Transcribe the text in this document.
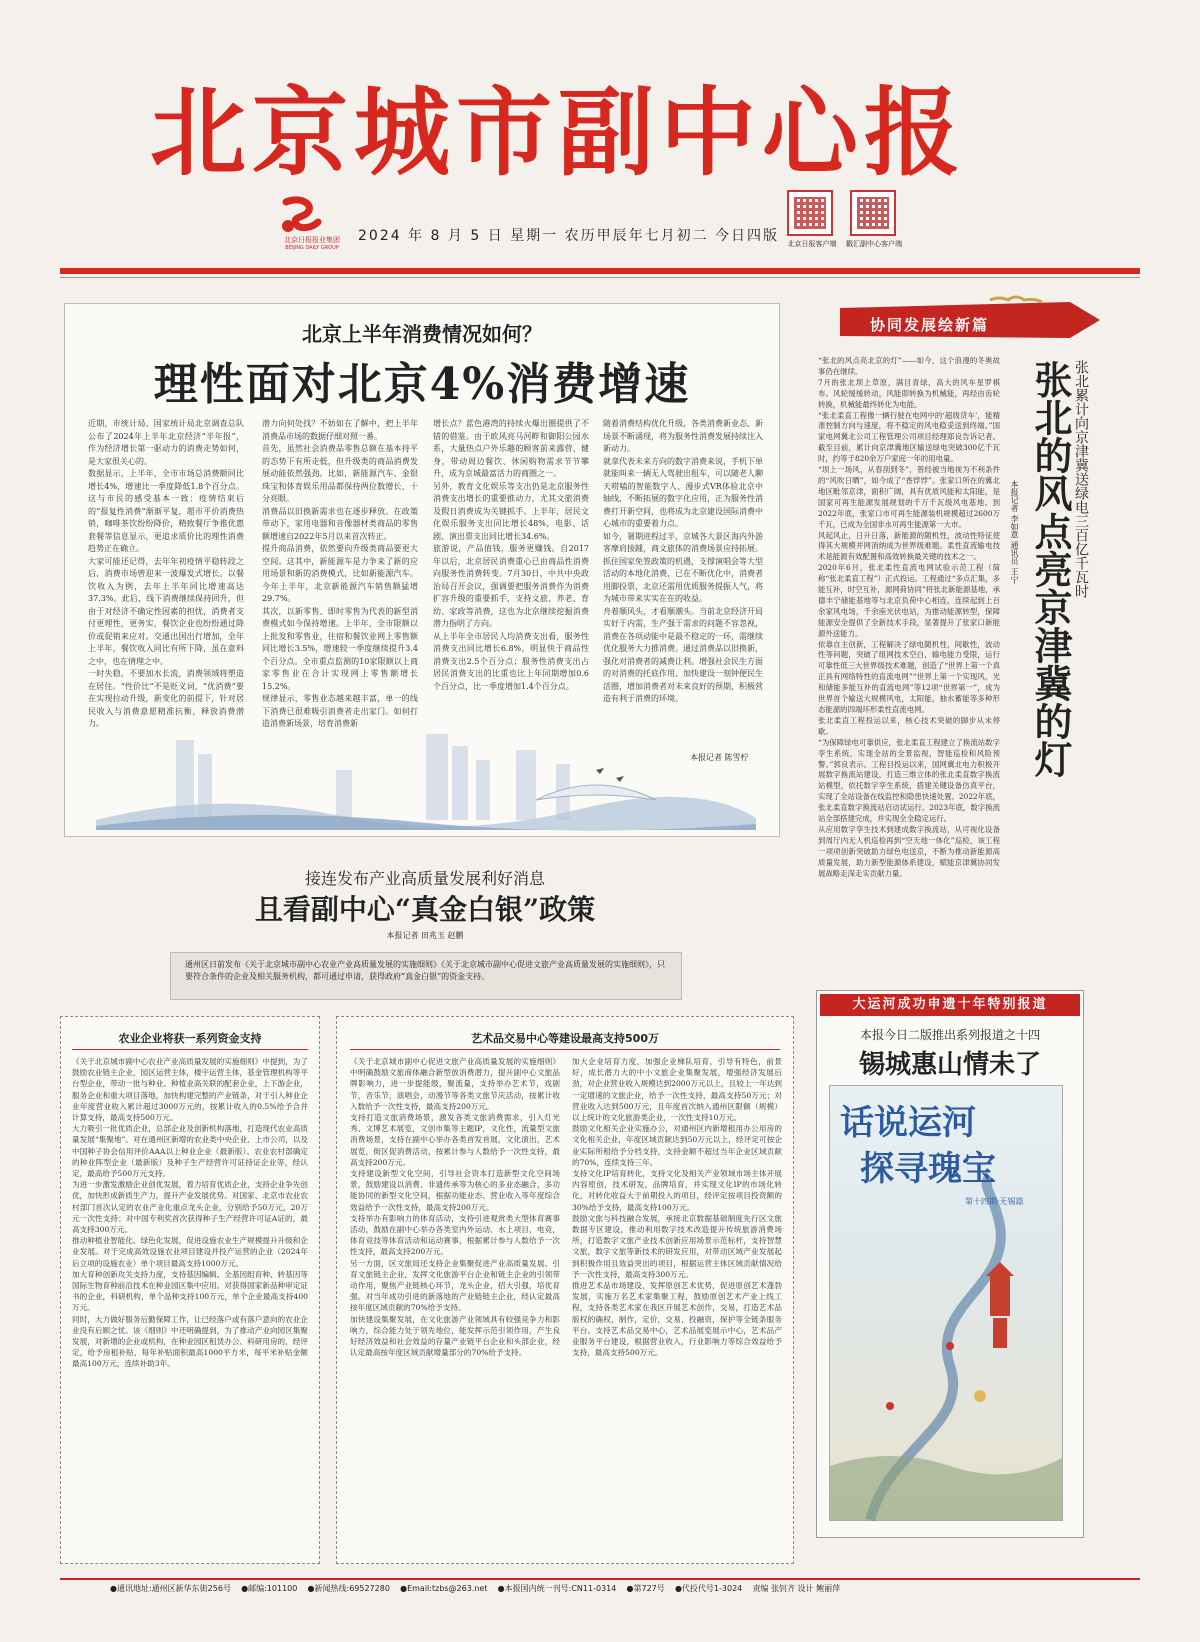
北京城市副中心报
北京日报报业集团
BEIJING DAILY GROUP
2024 年 8 月 5 日 星期一 农历甲辰年七月初二 今日四版	北京日报客户端	戳汇副中心客户端
北京上半年消费情况如何？
理性面对北京4%消费增速
近期，市统计局、国家统计局北京调查总队公布了2024年上半年北京经济“半年报”，作为经济增长第一驱动力的消费走势如何，是大家很关心的。
数据显示，上半年，全市市场总消费额同比增长4%，增速比一季度降低1.8个百分点。这与市民的感受基本一致：疫情结束后的“报复性消费”渐渐平复，超市平价消费热销，咖啡茶饮纷纷降价，精致餐厅争推优惠套餐等信息显示，更追求质价比的理性消费趋势正在确立。
大家可能还记得，去年年初疫情平稳转段之后，消费市场曾迎来一波爆发式增长。以餐饮收入为例，去年上半年同比增速高达37.3%。此后，线下消费继续保持回升，但由于对经济不确定性因素的担忧，消费者支付更理性，更务实，餐饮企业也纷纷通过降价或促销来应对。交通出国出行增加，全年上半年，餐饮收入同比有所下降，虽在意料之中，也在情理之中。
一时失稳，不要加水长流，消费领域将塑造在居住。“性价比”不是贬义词，“优消费”要在实现拉动升级，新变化的前提下，针对居民收入与消费意愿精准抗衡，释放消费潜力。
潜力向何处找？不妨如在了解中，把上半年消费品市场的数据仔细对照一番。
首先，虽然社会消费品零售总额在基本持平的态势下有所走低，但升级类的商品消费发展动能依然强劲。比如，新能源汽车、金银珠宝和体育娱乐用品都保持两位数增长，十分亮眼。
消费品以旧换新需求也在逐步释放。在政策带动下，家用电器和音像器材类商品的零售额增速自2022年5月以来首次转正。
提升商品消费，依然要向升级类商品要更大空间。这其中，新能源车是力争来了新的应用场景和新的消费模式，比如新能源汽车。今年上半年，北京新能源汽车销售额猛增29.7%。
其次，以新零售、即时零售为代表的新型消费模式如今保持增速。上半年，全市限额以上批发和零售业，住宿和餐饮业网上零售额同比增长3.5%，增速较一季度继续提升3.4个百分点。全市重点监测的10家限额以上商家零售业在合计实现网上零售额增长15.2%。
规律显示，零售业态越来越丰富，单一的线下消费已很难吸引消费者走出家门。如何打造消费新场景，培育消费新
增长点？蓝色港湾的持续火爆出圈提供了不错的借鉴。由于欧风亮马河畔和御阳公园水系，大量热点户外乐趣的顾客前来露营、健身，带动周边餐饮、休闲购物需求节节攀升，成为京城最富活力的商圈之一。
另外，教育文化娱乐等支出仍是北京服务性消费支出增长的重要推动力，尤其文旅消费及假日消费成为关键抓手。上半年，居民文化娱乐服务支出同比增长48%，电影、话剧、演出票支出同比增长34.6%。
旅游说，产品值钱，服务更赚钱。自2017年以后，北京居民消费重心已由商品性消费向服务性消费转变。7月30日，中共中央政治局召开会议，强调要把服务消费作为消费扩容升级的重要抓手，支持文旅、养老、育幼、家政等消费，这也为北京继续挖掘消费潜力指明了方向。
从上半年全市居民人均消费支出看，服务性消费支出同比增长6.8%，明显快于商品性消费支出2.5个百分点；服务性消费支出占居民消费支出的比重也比上年同期增加0.6个百分点，比一季度增加1.4个百分点。
随着消费结构优化升级，各类消费新业态、新场景不断涌现，将为服务性消费发展持续注入新动力。
就拿代表未来方向的数字消费来说，手机下单就能叫来一辆无人驾驶出租车，可以随老人聊天唠嗑的智能数字人、漫步式VR体验北京中轴线，不断拓展的数字化应用，正为服务性消费打开新空间，也将成为北京建设国际消费中心城市的重要着力点。
如今，暑期进程过半，京城各大景区海内外游客摩肩接踵，商文旅体的消费场景应持拓展。抓住国家免签政策的机遇，支撑演唱会等大型活动的本地化消费，已在不断优化中，消费者用脚投票，北京还需用优质服务提振人气，将为城市带来实实在在的收益。
舟着顺风头，才看顺潮头。当前北京经济开局实好于内需，生产强于需求的问题不容忽视，消费在各项动能中是最不稳定的一环，需继续优化服务大力推消费。通过消费品以旧换新，强化对消费者的减费让利。增强社会民生方面的对消费的托底作用、加快建设一刻钟便民生活圈，增加消费者对未来良好的预期，积极营造有利于消费的环境。
本报记者 陈雪柠
接连发布产业高质量发展利好消息
且看副中心“真金白银”政策
本报记者 田兆玉 赵鹏
通州区日前发布《关于北京城市副中心农业产业高质量发展的实施细则》《关于北京城市副中心促进文旅产业高质量发展的实施细则》，只要符合条件的企业及相关服务机构，都可通过申请，获得政府“真金白银”的资金支持。
农业企业将获一系列资金支持
《关于北京城市副中心农业产业高质量发展的实施细则》中提到，为了鼓励农业链主企业，园区运营主体，楼宇运营主体，基金管理机构等平台型企业，带动一批与种业、种植业高关联的配套企业，上下游企业，服务企业和重大项目落地，加快构建完整的产业链条，对于引入种业企业年度营业收入累计超过3000万元的，按累计收入的0.5%给予合并计算支持，最高支持500万元。
大力吸引一批优质企业，总部企业及创新机构落地，打造现代农业高质量发展“集聚地”。对在通州区新增的农业类中央企业、上市公司，以及中国种子协会信用评价AAA以上种业企业（最新版）、农业农村部确定的种业阵型企业（最新版）及种子生产经营许可证持证企业等，经认定，最高给予500万元支持。
为进一步激发激励企业创优发展，着力培育优质企业，支持企业争先创优，加快形成新质生产力，提升产业发展优势。对国家、北京市农业农村部门首次认定的农业产业化重点龙头企业，分别给予50万元，20万元一次性支持；对中国专利奖首次获得种子生产经营许可证A证的，最高支持300万元。
推动种植业智能化、绿色化发展，促进设施农业生产规模提升升级和企业发展。对于完成高效设施农业项目建设并投产运营的企业（2024年后立项的设施农业）单个项目最高支持1000万元。
加大育种创新攻关支持力度，支持基因编辑、全基因组育种、转基因等国际生物育种前沿技术在种业园区集中应用。对获得国家新品种审定证书的企业，科研机构，单个品种支持100万元，单个企业最高支持400万元。
同时，大力做好服务后勤保障工作，让已经落户或有落户意向的农业企业没有后顾之忧。该《细则》中还明确提到，为了推动产业向园区集聚发展，对新增的企业或机构，在种业园区租赁办公、科研用房的，经评定，给予房租补贴，每年补贴面积最高1000平方米，每平米补贴金额最高100万元，连续补助3年。
艺术品交易中心等建设最高支持500万
《关于北京城市副中心促进文旅产业高质量发展的实施细则》中明确鼓励文旅商体融合新型放消费潜力，提升副中心文旅品牌影响力，进一步提能级，聚流量，支持举办艺术节，戏剧节，音乐节，演唱会，动漫节等各类文旅节庆活动，按累计收入数给予一次性支持，最高支持200万元。
支持打造文旅消费场景，激发各类文旅消费需求，引入灯光秀、文博艺术展览，文创市集等主题IP，文化性，流量型文旅消费场景，支持在副中心举办各类首发首展，文化演出，艺术展览，街区促消费活动，按累计参与人数给予一次性支持，最高支持200万元。
支持建设新型文化空间，引导社会资本打造新型文化空间场景，鼓励建设以消费、非遗传承等为核心的多业态融合，多功能协同的新型文化空间，根据功能业态、营业收入等年度综合效益给予一次性支持，最高支持200万元。
支持举办有影响力的体育活动，支持引进观赏类大型体育赛事活动，鼓励在副中心举办各类室内外运动、水上项目，电竞，体育竞技等体育活动和运动赛事，根据累计参与人数给予一次性支持，最高支持200万元。
另一方面，区文旅局还支持企业集聚促进产业高质量发展。引育文旅链主企业，发挥文化旅游平台企业和链主企业的引领带动作用，聚焦产业链核心环节，龙头企业，招大引强，培优育强。对当年成功引进的新落地的产业链链主企业，经认定最高按年度区域贡献的70%给予支持。
加快建设集聚发展，在文化旅游产业领域具有较强竞争力和影响力，综合能力处于领先地位，能发挥示范引领作用，产生良好经济效益和社会效益的存量产业链平台企业和头部企业，经认定最高按年度区域贡献增量部分的70%给予支持。
加大企业培育力度，加强企业梯队培育，引导有特色，前景好，成长潜力大的中小文旅企业集聚发展，增强经济发展后劲，对企业营业收入规模达到2000万元以上，且较上一年达到一定增速的文旅企业，给予一次性支持，最高支持50万元；对营业收入达到500万元，且年度首次纳入通州区限额（规模）以上统计的文化旅游类企业，一次性支持10万元。
鼓励文化相关企业实施办公，对通州区内新增租用办公用房的文化相关企业，年度区域贡献达到50万元以上，经评定可按企业实际所租给予分档支持，支持金额不超过当年企业区域贡献的70%，连续支持三年。
支持文化IP培育转化，支持文化及相关产业领域市场主体开展内容原创，技术研发，品牌培育，并实现文化IP的市场化转化，对转化收益大于前期投入的项目，经评定按项目投资额的30%给予支持，最高支持100万元。
鼓励文旅与科技融合发展，承接北京数据基础制度先行区文旅数据专区建设，推动利用数字技术改造提升传统旅游消费场所，打造数字文旅产业技术创新应用场景示范标杆，支持智慧文旅，数字文旅等新技术的研发应用，对带动区域产业发展起到积极作用且效益突出的项目，根据运营主体区域贡献情况给予一次性支持，最高支持300万元。
推进艺术品市场建设，发挥原创艺术优势，促进原创艺术蓬勃发展，实施万名艺术家集聚工程，鼓励原创艺术产业上线工程，支持各类艺术家在我区开展艺术创作，交易，打造艺术品版权的确权，制作，定价，交易，投融资，保护等全链条服务平台。支持艺术品交易中心，艺术品展览展示中心，艺术品产业服务平台建设，根据营业收入，行业影响力等综合效益给予支持，最高支持500万元。
协同发展绘新篇
张北累计向京津冀送绿电三百亿千瓦时
张北的风点亮京津冀的灯
本报记者 李如意 通讯员 王宁
“张北的风点亮北京的灯”——如今，这个浪漫的冬奥故事仍在继续。
7月的张北坝上草原，满目青绿，高大的风车星罗棋布。风轮缓缓转动，风能即转换为机械能，再经由齿轮转换，机械能最终转化为电能。
“张北柔直工程像一辆行驶在电网中的‘超级货车’，能精准控制方向与速度，将不稳定的风电稳妥送到终端。”国家电网冀北公司工程管理公司项目经理郑良告诉记者。截至目前，累计向京津冀地区输送绿电突破300亿千瓦时，约等于820余万户家庭一年的用电量。
“坝上一场风，从春刮到冬”，曾经被当地视为不利条件的“风吹日晒”，如今成了“香饽饽”。张家口所在的冀北地区毗邻京津，面积广阔，具有优质风能和太阳能，是国家可再生能源发展规划的千万千瓦级风电基地。到2022年底，张家口市可再生能源装机规模超过2600万千瓦，已成为全国非水可再生能源第一大市。
风起风止，日升日落，新能源的随机性，波动性特征使得其大规模并网消纳成为世界级难题。柔性直流输电技术是能源有效配置和高效转换最关键的技术之一。
2020年6月，张北柔性直流电网试验示范工程（简称“张北柔直工程”）正式投运。工程通过“多点汇集，多能互补，时空互补，源网荷协同”将张北新能源基地，承德丰宁储能基地等与北京负荷中心相连，连续起到上百余家风电场，千余座光伏电站，为推动能源转型，保障能源安全提供了全新技术手段，显著提升了张家口新能源外送能力。
依靠自主创新，工程解决了绿电随机性，间歇性，波动性等问题，突破了组网技术空白，输电能力受限，运行可靠性低三大世界级技术难题，创造了“世界上第一个真正具有网络特性的直流电网”“世界上第一个实现风，光和储能多能互补的直流电网”等12项“世界第一”，成为世界首个输送大规模风电，太阳能，抽水蓄能等多种形态能源的四端环形柔性直流电网。
张北柔直工程投运以来，核心技术突破的脚步从未停歇。
“为保障绿电可靠供应，张北柔直工程建立了换流站数字孪生系统，实现全站的全景监视，智能巡检和风险预警。”郭良表示。工程目投运以来，国网冀北电力积极开展数字换流站建设，打造三维立体的张北柔直数字换流站模型，依托数字孪生系统，搭建关键设备仿真平台，实现了全站设备在线监控和隐患快速处置。2022年底，张北柔直数字换流站启动试运行。2023年底，数字换流站全部搭建完成，并实现全全稳定运行。
从应用数字孪生技术到建成数字换流站，从可视化设备到周厅内无人机巡检再到“空天地一体化”巡检，该工程一项项创新突破助力绿色电送京，不断为推动新能源高质量发展，助力新型能源体系建设，赋能京津冀协同发展战略走深走实贡献力量。
大运河成功申遗十年特别报道
本报今日二版推出系列报道之十四
锡城惠山情未了
话说运河
探寻瑰宝
第十四期·无锡篇
●通讯地址:通州区新华东街256号 ●邮编:101100 ●新闻热线:69527280 ●Email:tzbs@263.net ●本报国内统一刊号:CN11-0314 ●第727号 ●代投代号1-3024 责编 张钊齐 设计 鲍丽萍
